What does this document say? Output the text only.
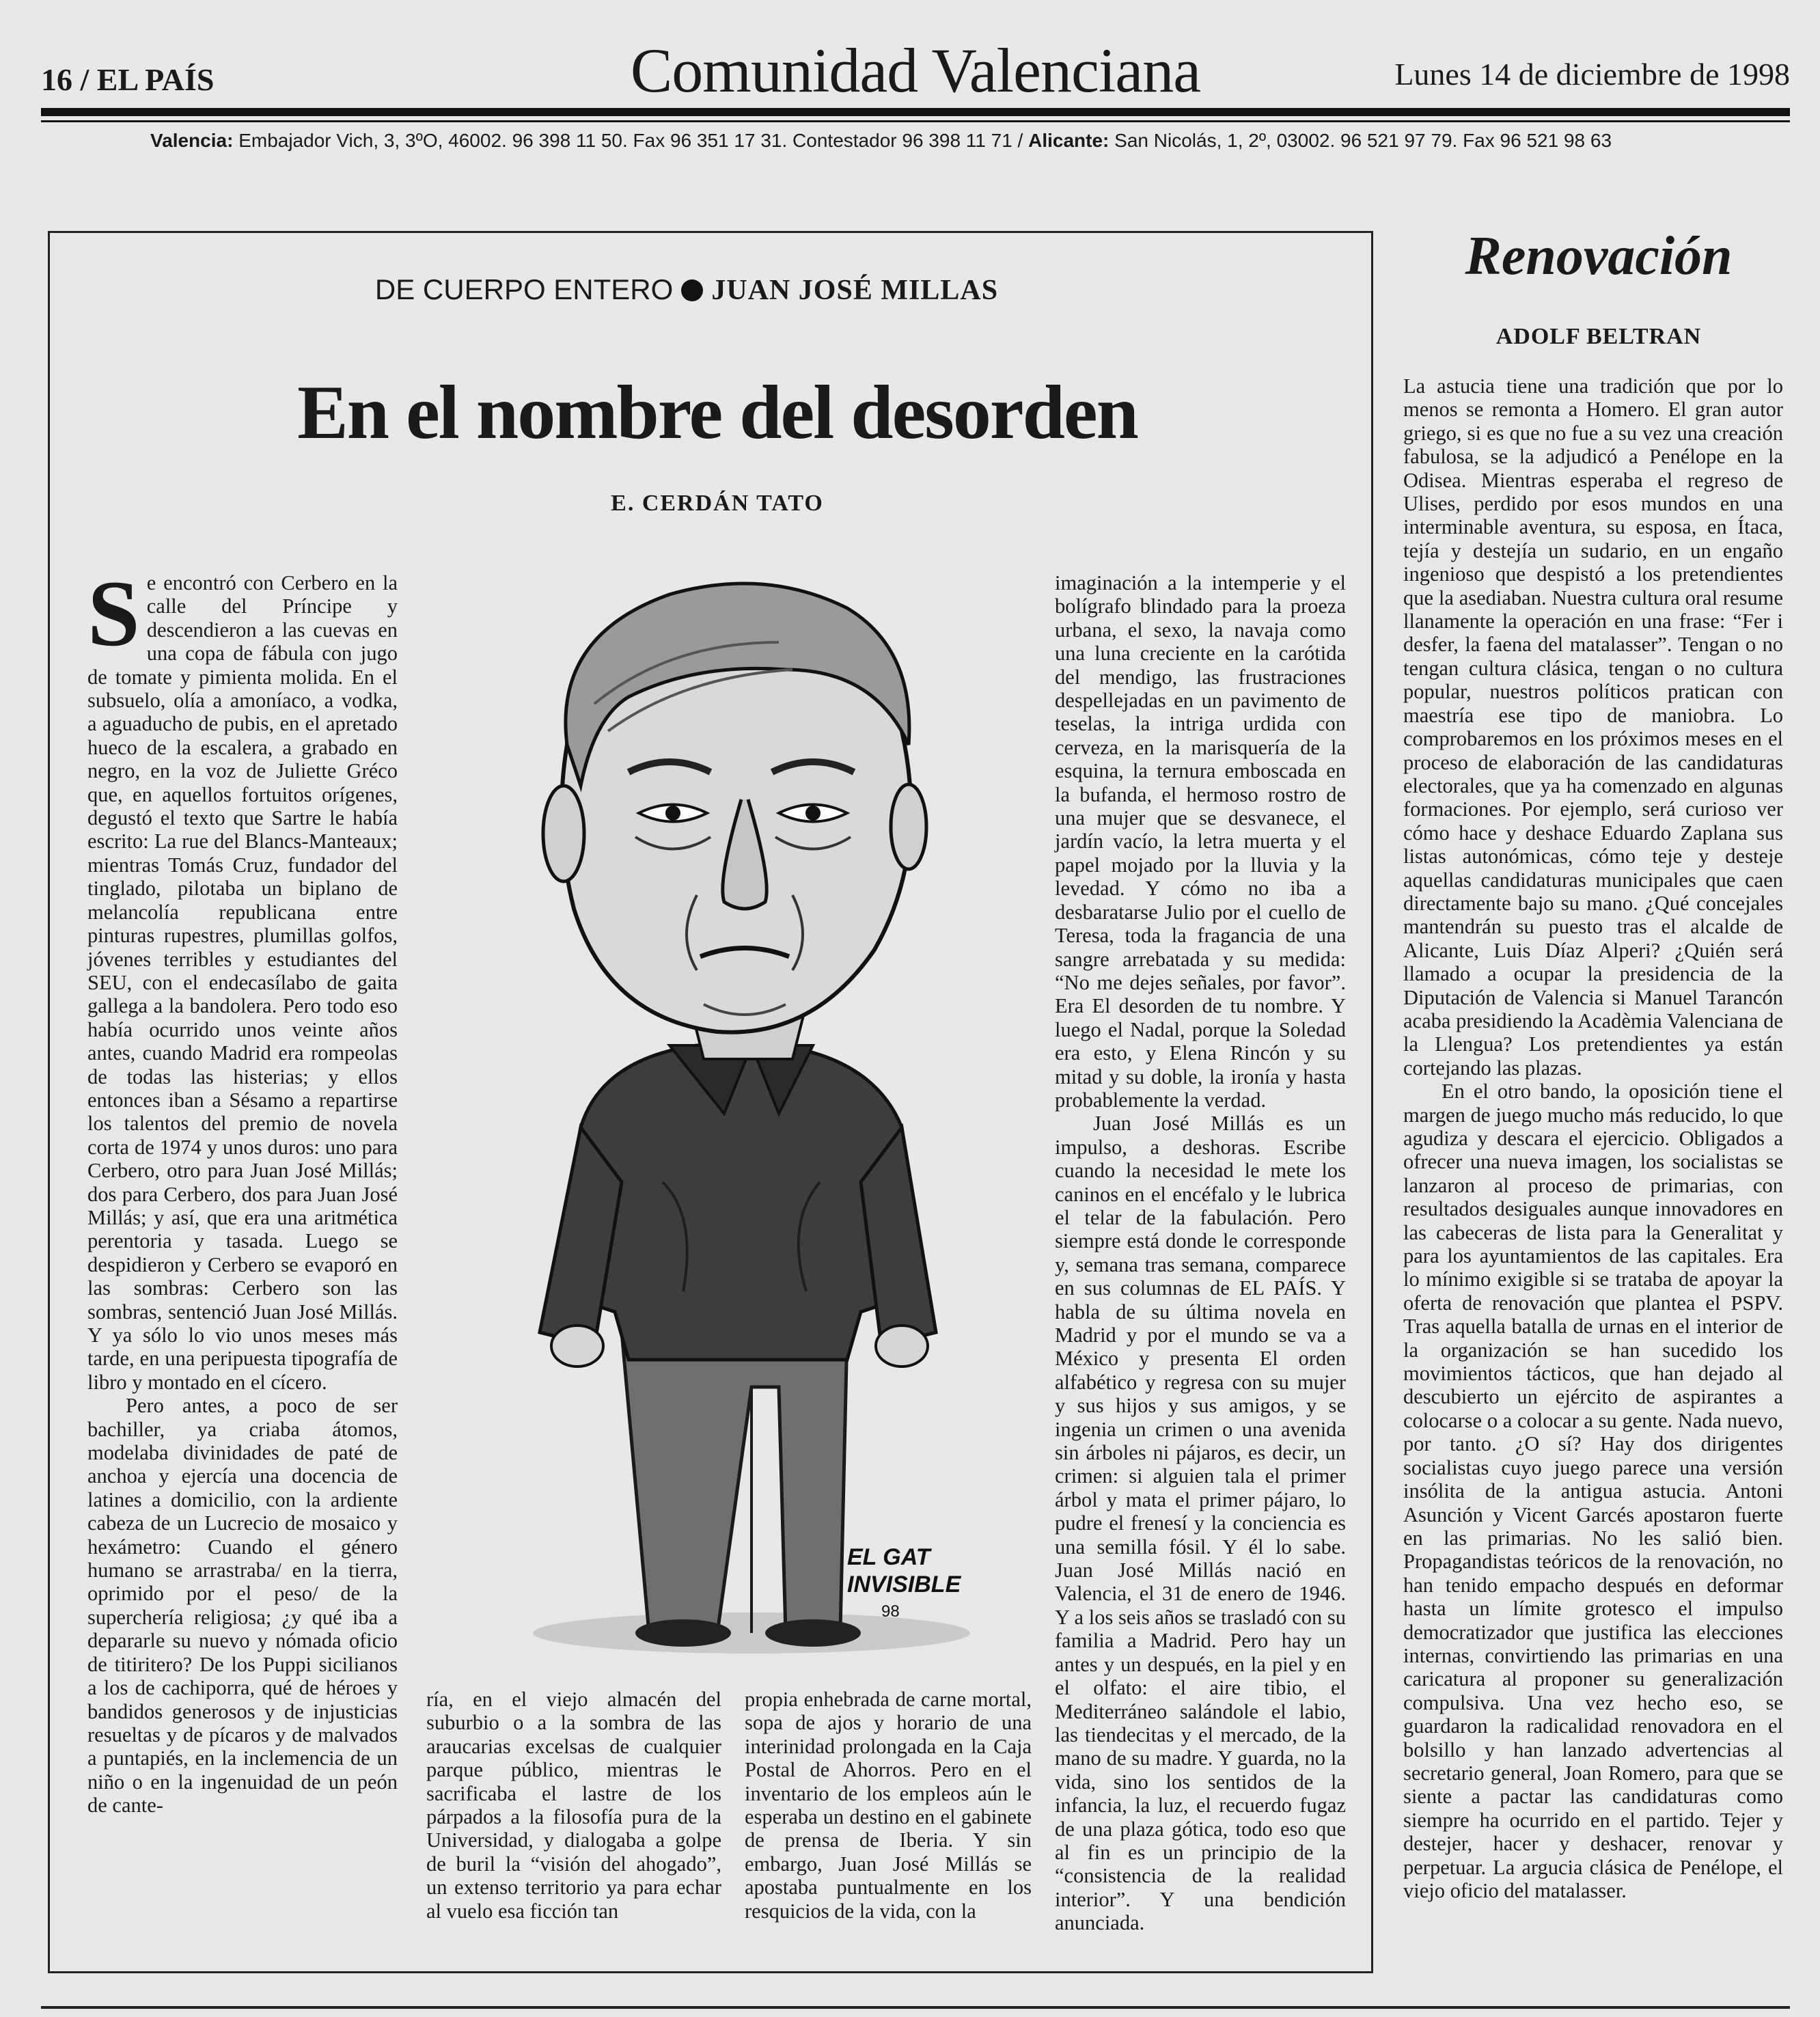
16 / EL PAÍS	Comunidad Valenciana	Lunes 14 de diciembre de 1998
Valencia: Embajador Vich, 3, 3ºO, 46002. 96 398 11 50. Fax 96 351 17 31. Contestador 96 398 11 71 / Alicante: San Nicolás, 1, 2º, 03002. 96 521 97 79. Fax 96 521 98 63
DE CUERPO ENTERO JUAN JOSÉ MILLAS
En el nombre del desorden
E. CERDÁN TATO

Se encontró con Cerbero en la calle del Príncipe y descendieron a las cuevas en una copa de fábula con jugo de tomate y pimienta molida. En el subsuelo, olía a amoníaco, a vodka, a aguaducho de pubis, en el apretado hueco de la escalera, a grabado en negro, en la voz de Juliette Gréco que, en aquellos fortuitos orígenes, degustó el texto que Sartre le había escrito: La rue del Blancs-Manteaux; mientras Tomás Cruz, fundador del tinglado, pilotaba un biplano de melancolía republicana entre pinturas rupestres, plumillas golfos, jóvenes terribles y estudiantes del SEU, con el endecasílabo de gaita gallega a la bandolera. Pero todo eso había ocurrido unos veinte años antes, cuando Madrid era rompeolas de todas las histerias; y ellos entonces iban a Sésamo a repartirse los talentos del premio de novela corta de 1974 y unos duros: uno para Cerbero, otro para Juan José Millás; dos para Cerbero, dos para Juan José Millás; y así, que era una aritmética perentoria y tasada. Luego se despidieron y Cerbero se evaporó en las sombras: Cerbero son las sombras, sentenció Juan José Millás. Y ya sólo lo vio unos meses más tarde, en una peripuesta tipografía de libro y montado en el cícero.

Pero antes, a poco de ser bachiller, ya criaba átomos, modelaba divinidades de paté de anchoa y ejercía una docencia de latines a domicilio, con la ardiente cabeza de un Lucrecio de mosaico y hexámetro: Cuando el género humano se arrastraba/ en la tierra, oprimido por el peso/ de la superchería religiosa; ¿y qué iba a depararle su nuevo y nómada oficio de titiritero? De los Puppi sicilianos a los de cachiporra, qué de héroes y bandidos generosos y de injusticias resueltas y de pícaros y de malvados a puntapiés, en la inclemencia de un niño o en la ingenuidad de un peón de cante-

ría, en el viejo almacén del suburbio o a la sombra de las araucarias excelsas de cualquier parque público, mientras le sacrificaba el lastre de los párpados a la filosofía pura de la Universidad, y dialogaba a golpe de buril la “visión del ahogado”, un extenso territorio ya para echar al vuelo esa ficción tan

propia enhebrada de carne mortal, sopa de ajos y horario de una interinidad prolongada en la Caja Postal de Ahorros. Pero en el inventario de los empleos aún le esperaba un destino en el gabinete de prensa de Iberia. Y sin embargo, Juan José Millás se apostaba puntualmente en los resquicios de la vida, con la

imaginación a la intemperie y el bolígrafo blindado para la proeza urbana, el sexo, la navaja como una luna creciente en la carótida del mendigo, las frustraciones despellejadas en un pavimento de teselas, la intriga urdida con cerveza, en la marisquería de la esquina, la ternura emboscada en la bufanda, el hermoso rostro de una mujer que se desvanece, el jardín vacío, la letra muerta y el papel mojado por la lluvia y la levedad. Y cómo no iba a desbaratarse Julio por el cuello de Teresa, toda la fragancia de una sangre arrebatada y su medida: “No me dejes señales, por favor”. Era El desorden de tu nombre. Y luego el Nadal, porque la Soledad era esto, y Elena Rincón y su mitad y su doble, la ironía y hasta probablemente la verdad.

Juan José Millás es un impulso, a deshoras. Escribe cuando la necesidad le mete los caninos en el encéfalo y le lubrica el telar de la fabulación. Pero siempre está donde le corresponde y, semana tras semana, comparece en sus columnas de EL PAÍS. Y habla de su última novela en Madrid y por el mundo se va a México y presenta El orden alfabético y regresa con su mujer y sus hijos y sus amigos, y se ingenia un crimen o una avenida sin árboles ni pájaros, es decir, un crimen: si alguien tala el primer árbol y mata el primer pájaro, lo pudre el frenesí y la conciencia es una semilla fósil. Y él lo sabe. Juan José Millás nació en Valencia, el 31 de enero de 1946. Y a los seis años se trasladó con su familia a Madrid. Pero hay un antes y un después, en la piel y en el olfato: el aire tibio, el Mediterráneo salándole el labio, las tiendecitas y el mercado, de la mano de su madre. Y guarda, no la vida, sino los sentidos de la infancia, la luz, el recuerdo fugaz de una plaza gótica, todo eso que al fin es un principio de la “consistencia de la realidad interior”. Y una bendición anunciada.

EL GAT
INVISIBLE
98
Renovación
ADOLF BELTRAN

La astucia tiene una tradición que por lo menos se remonta a Homero. El gran autor griego, si es que no fue a su vez una creación fabulosa, se la adjudicó a Penélope en la Odisea. Mientras esperaba el regreso de Ulises, perdido por esos mundos en una interminable aventura, su esposa, en Ítaca, tejía y destejía un sudario, en un engaño ingenioso que despistó a los pretendientes que la asediaban. Nuestra cultura oral resume llanamente la operación en una frase: “Fer i desfer, la faena del matalasser”. Tengan o no tengan cultura clásica, tengan o no cultura popular, nuestros políticos pratican con maestría ese tipo de maniobra. Lo comprobaremos en los próximos meses en el proceso de elaboración de las candidaturas electorales, que ya ha comenzado en algunas formaciones. Por ejemplo, será curioso ver cómo hace y deshace Eduardo Zaplana sus listas autonómicas, cómo teje y desteje aquellas candidaturas municipales que caen directamente bajo su mano. ¿Qué concejales mantendrán su puesto tras el alcalde de Alicante, Luis Díaz Alperi? ¿Quién será llamado a ocupar la presidencia de la Diputación de Valencia si Manuel Tarancón acaba presidiendo la Acadèmia Valenciana de la Llengua? Los pretendientes ya están cortejando las plazas.

En el otro bando, la oposición tiene el margen de juego mucho más reducido, lo que agudiza y descara el ejercicio. Obligados a ofrecer una nueva imagen, los socialistas se lanzaron al proceso de primarias, con resultados desiguales aunque innovadores en las cabeceras de lista para la Generalitat y para los ayuntamientos de las capitales. Era lo mínimo exigible si se trataba de apoyar la oferta de renovación que plantea el PSPV. Tras aquella batalla de urnas en el interior de la organización se han sucedido los movimientos tácticos, que han dejado al descubierto un ejército de aspirantes a colocarse o a colocar a su gente. Nada nuevo, por tanto. ¿O sí? Hay dos dirigentes socialistas cuyo juego parece una versión insólita de la antigua astucia. Antoni Asunción y Vicent Garcés apostaron fuerte en las primarias. No les salió bien. Propagandistas teóricos de la renovación, no han tenido empacho después en deformar hasta un límite grotesco el impulso democratizador que justifica las elecciones internas, convirtiendo las primarias en una caricatura al proponer su generalización compulsiva. Una vez hecho eso, se guardaron la radicalidad renovadora en el bolsillo y han lanzado advertencias al secretario general, Joan Romero, para que se siente a pactar las candidaturas como siempre ha ocurrido en el partido. Tejer y destejer, hacer y deshacer, renovar y perpetuar. La argucia clásica de Penélope, el viejo oficio del matalasser.
